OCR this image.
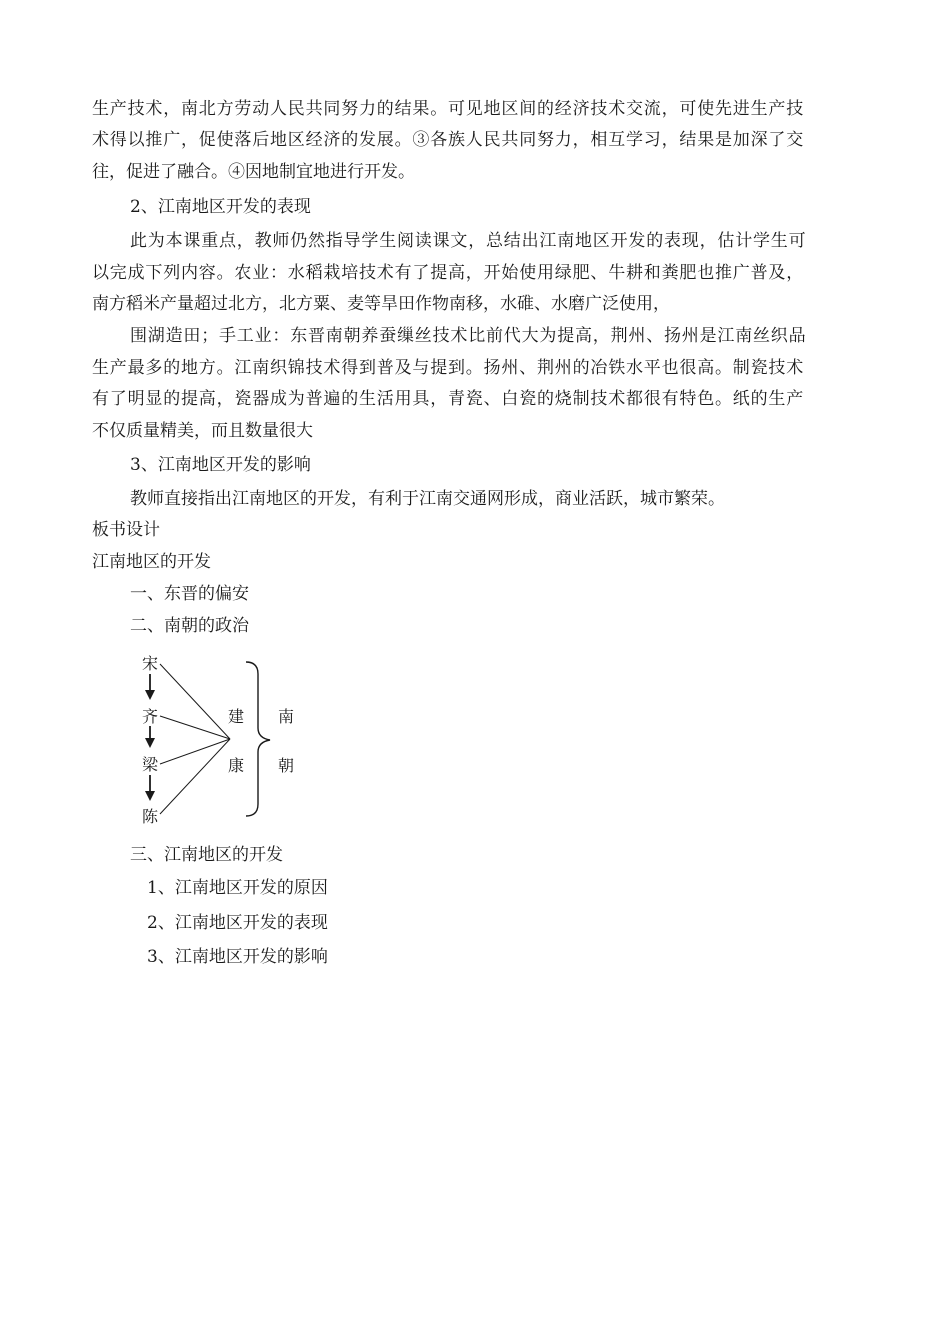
生产技术，南北方劳动人民共同努力的结果。可见地区间的经济技术交流，可使先进生产技
术得以推广，促使落后地区经济的发展。③各族人民共同努力，相互学习，结果是加深了交
往，促进了融合。④因地制宜地进行开发。
2、江南地区开发的表现
此为本课重点，教师仍然指导学生阅读课文，总结出江南地区开发的表现，估计学生可
以完成下列内容。农业：水稻栽培技术有了提高，开始使用绿肥、牛耕和粪肥也推广普及，
南方稻米产量超过北方，北方粟、麦等旱田作物南移，水碓、水磨广泛使用，
围湖造田；手工业：东晋南朝养蚕缫丝技术比前代大为提高，荆州、扬州是江南丝织品
生产最多的地方。江南织锦技术得到普及与提到。扬州、荆州的冶铁水平也很高。制瓷技术
有了明显的提高，瓷器成为普遍的生活用具，青瓷、白瓷的烧制技术都很有特色。纸的生产
不仅质量精美，而且数量很大
3、江南地区开发的影响
教师直接指出江南地区的开发，有利于江南交通网形成，商业活跃，城市繁荣。
板书设计
江南地区的开发
一、东晋的偏安
二、南朝的政治
宋
齐
梁
陈
建
康
南
朝
三、江南地区的开发
1、江南地区开发的原因
2、江南地区开发的表现
3、江南地区开发的影响
